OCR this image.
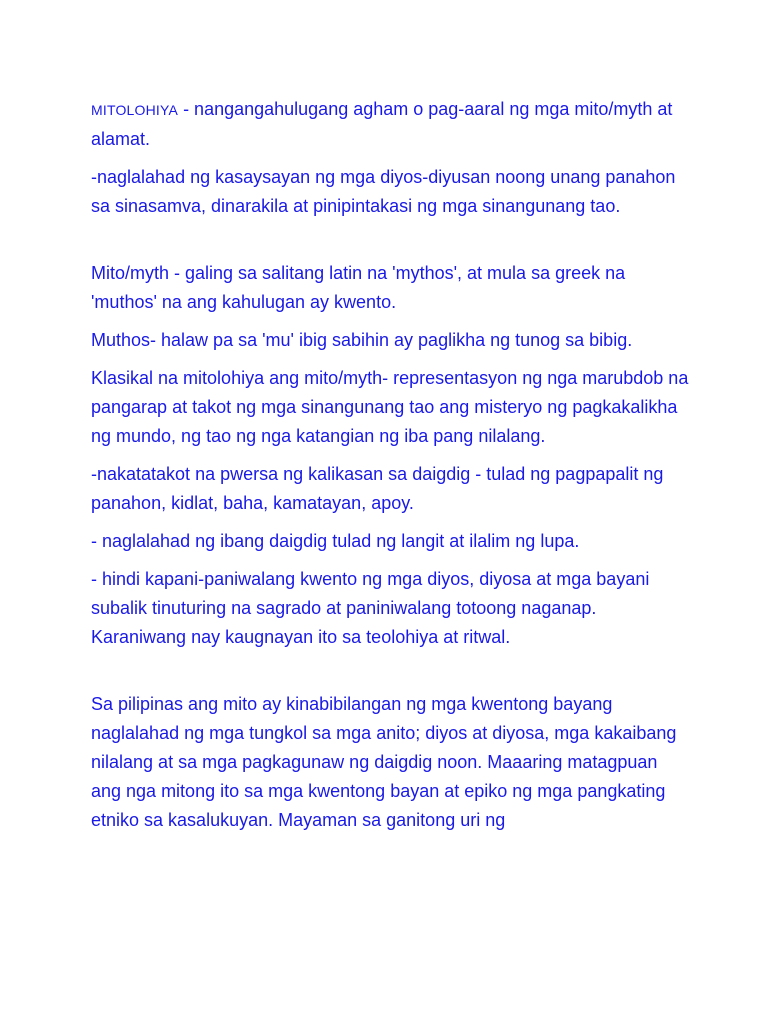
MITOLOHIYA - nangangahulugang agham o pag-aaral ng mga mito/myth at alamat.

-naglalahad ng kasaysayan ng mga diyos-diyusan noong unang panahon sa sinasamva, dinarakila at pinipintakasi ng mga sinangunang tao.

Mito/myth - galing sa salitang latin na 'mythos', at mula sa greek na 'muthos' na ang kahulugan ay kwento.

Muthos- halaw pa sa 'mu' ibig sabihin ay paglikha ng tunog sa bibig.

Klasikal na mitolohiya ang mito/myth- representasyon ng nga marubdob na pangarap at takot ng mga sinangunang tao ang misteryo ng pagkakalikha ng mundo, ng tao ng nga katangian ng iba pang nilalang.

-nakatatakot na pwersa ng kalikasan sa daigdig - tulad ng pagpapalit ng panahon, kidlat, baha, kamatayan, apoy.

- naglalahad ng ibang daigdig tulad ng langit at ilalim ng lupa.

- hindi kapani-paniwalang kwento ng mga diyos, diyosa at mga bayani subalik tinuturing na sagrado at paniniwalang totoong naganap. Karaniwang nay kaugnayan ito sa teolohiya at ritwal.

Sa pilipinas ang mito ay kinabibilangan ng mga kwentong bayang naglalahad ng mga tungkol sa mga anito; diyos at diyosa, mga kakaibang nilalang at sa mga pagkagunaw ng daigdig noon. Maaaring matagpuan ang nga mitong ito sa mga kwentong bayan at epiko ng mga pangkating etniko sa kasalukuyan. Mayaman sa ganitong uri ng
